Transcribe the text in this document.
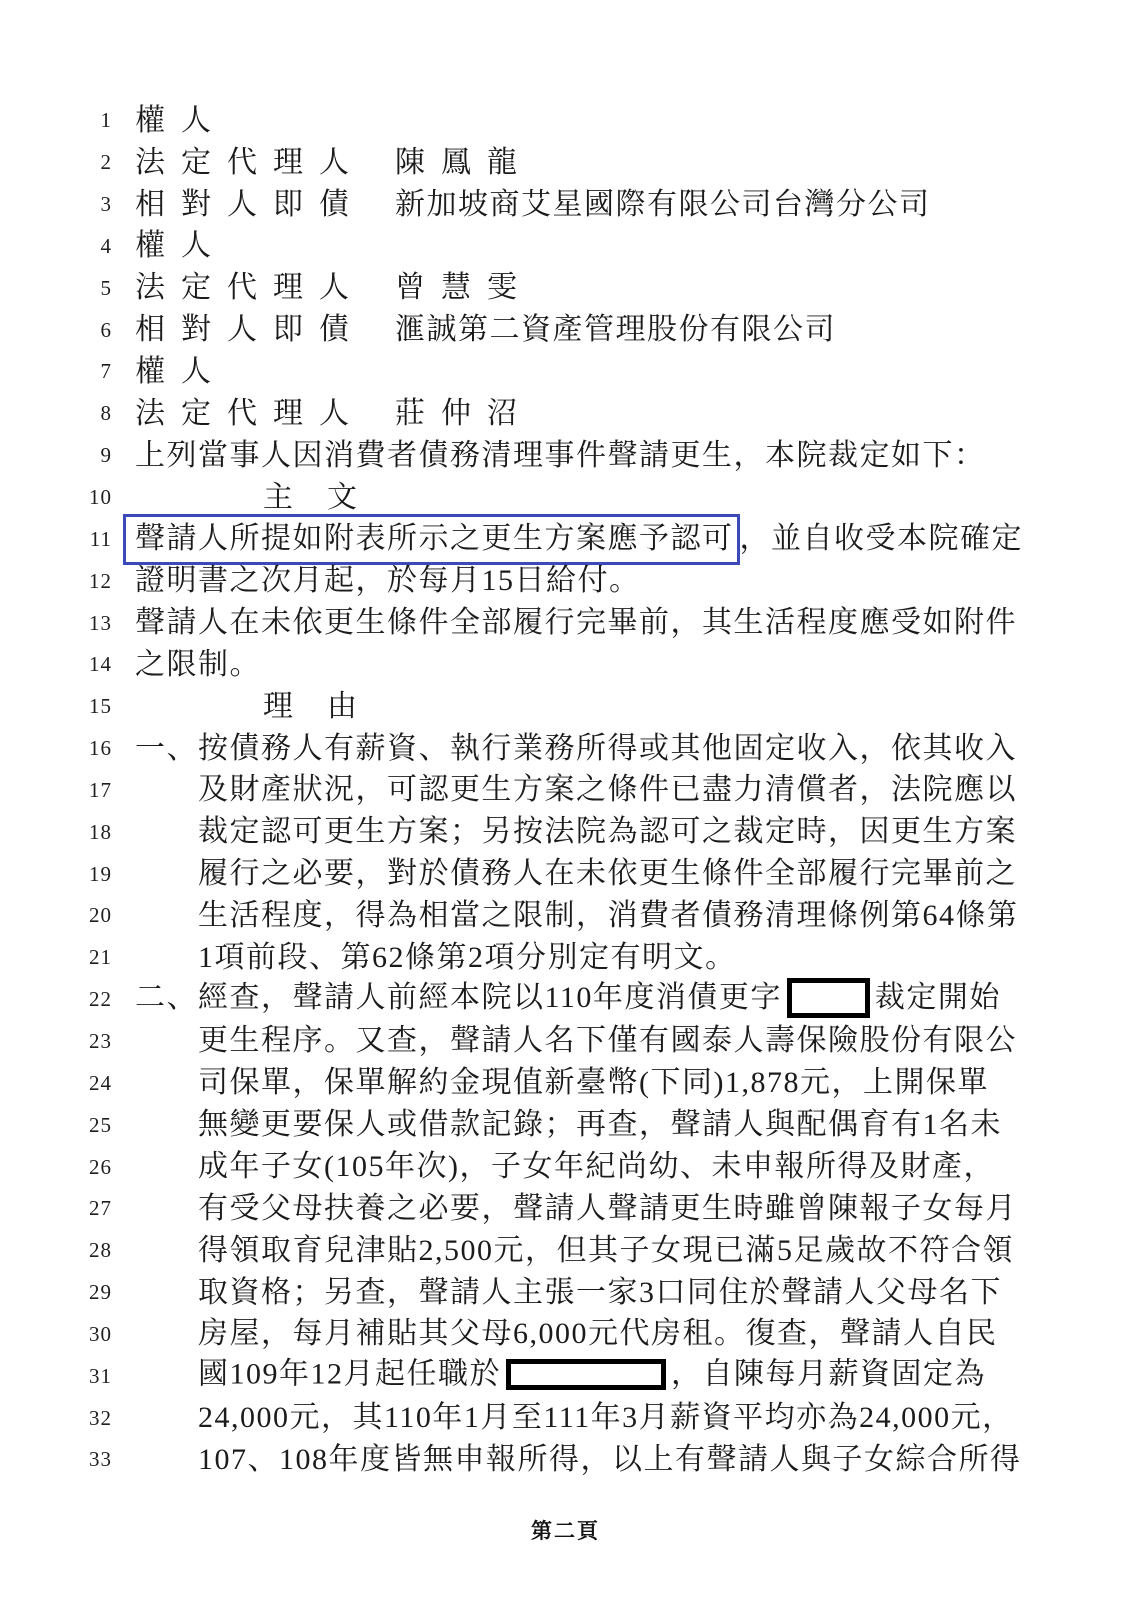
1 權人
2 法定代理人 陳鳳龍
3 相對人即債 新加坡商艾星國際有限公司台灣分公司
4 權人
5 法定代理人 曾慧雯
6 相對人即債 滙誠第二資產管理股份有限公司
7 權人
8 法定代理人 莊仲沼
9 上列當事人因消費者債務清理事件聲請更生，本院裁定如下：
10	主文
11 聲請人所提如附表所示之更生方案應予認可 ，並自收受本院確定
12 證明書之次月起，於每月15日給付。
13 聲請人在未依更生條件全部履行完畢前，其生活程度應受如附件
14 之限制。
15	理由
16 一、按債務人有薪資、執行業務所得或其他固定收入，依其收入
17	及財產狀況，可認更生方案之條件已盡力清償者，法院應以
18	裁定認可更生方案；另按法院為認可之裁定時，因更生方案
19	履行之必要，對於債務人在未依更生條件全部履行完畢前之
20	生活程度，得為相當之限制，消費者債務清理條例第64條第
21	1項前段、第62條第2項分別定有明文。
22 二、經查，聲請人前經本院以110年度消債更字	裁定開始
23	更生程序。又查，聲請人名下僅有國泰人壽保險股份有限公
24	司保單，保單解約金現值新臺幣(下同)1,878元，上開保單
25	無變更要保人或借款記錄；再查，聲請人與配偶育有1名未
26	成年子女(105年次)，子女年紀尚幼、未申報所得及財產，
27	有受父母扶養之必要，聲請人聲請更生時雖曾陳報子女每月
28	得領取育兒津貼2,500元，但其子女現已滿5足歲故不符合領
29	取資格；另查，聲請人主張一家3口同住於聲請人父母名下
30	房屋，每月補貼其父母6,000元代房租。復查，聲請人自民
31	國109年12月起任職於	，自陳每月薪資固定為
32	24,000元，其110年1月至111年3月薪資平均亦為24,000元，
33	107、108年度皆無申報所得，以上有聲請人與子女綜合所得
第二頁
